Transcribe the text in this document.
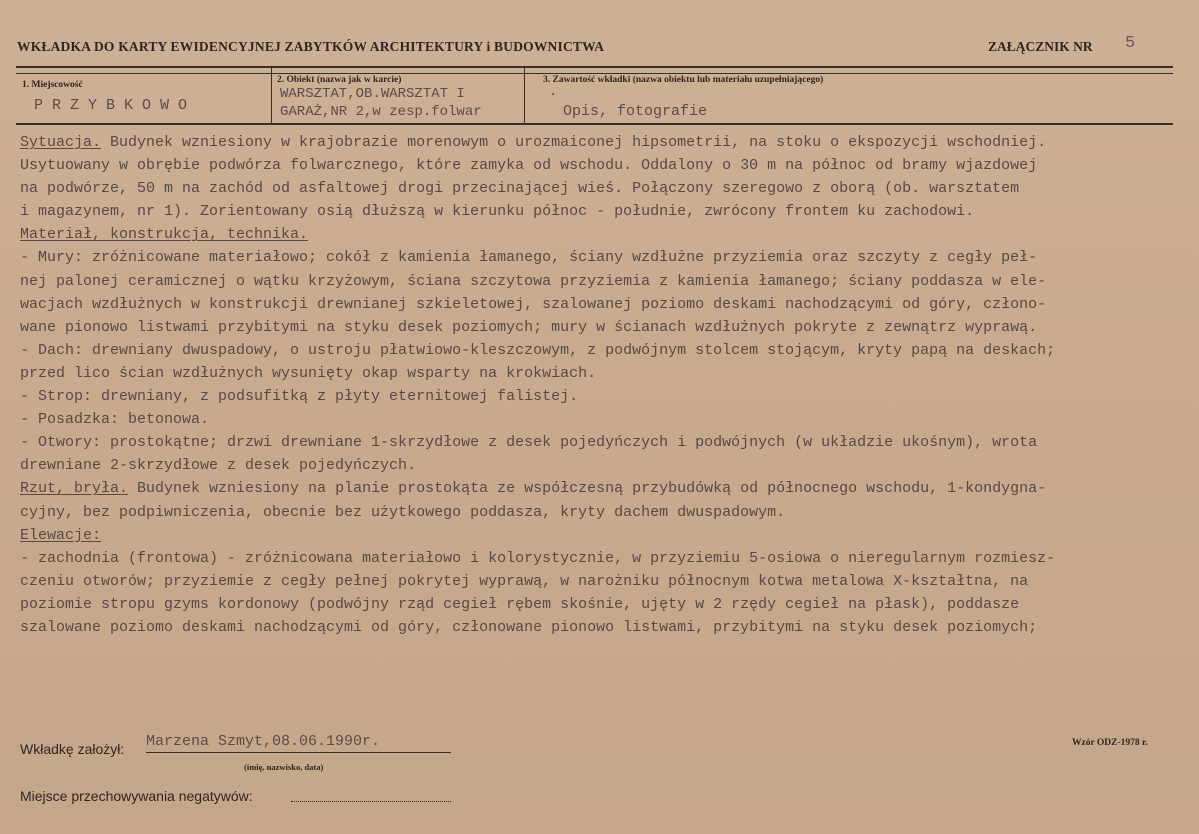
WKŁADKA DO KARTY EWIDENCYJNEJ ZABYTKÓW ARCHITEKTURY i BUDOWNICTWA	ZAŁĄCZNIK NR 5
1. Miejscowość
P R Z Y B K O W O
2. Obiekt (nazwa jak w karcie)
WARSZTAT,OB.WARSZTAT I
GARAŻ,NR 2,w zesp.folwar
3. Zawartość wkładki (nazwa obiektu lub materiału uzupełniającego)
.
Opis, fotografie
Sytuacja. Budynek wzniesiony w krajobrazie morenowym o urozmaiconej hipsometrii, na stoku o ekspozycji wschodniej.
Usytuowany w obrębie podwórza folwarcznego, które zamyka od wschodu. Oddalony o 30 m na północ od bramy wjazdowej
na podwórze, 50 m na zachód od asfaltowej drogi przecinającej wieś. Połączony szeregowo z oborą (ob. warsztatem
i magazynem, nr 1). Zorientowany osią dłuższą w kierunku północ - południe, zwrócony frontem ku zachodowi.
Materiał, konstrukcja, technika.
- Mury: zróżnicowane materiałowo; cokół z kamienia łamanego, ściany wzdłużne przyziemia oraz szczyty z cegły peł-
nej palonej ceramicznej o wątku krzyżowym, ściana szczytowa przyziemia z kamienia łamanego; ściany poddasza w ele-
wacjach wzdłużnych w konstrukcji drewnianej szkieletowej, szalowanej poziomo deskami nachodzącymi od góry, człono-
wane pionowo listwami przybitymi na styku desek poziomych; mury w ścianach wzdłużnych pokryte z zewnątrz wyprawą.
- Dach: drewniany dwuspadowy, o ustroju płatwiowo-kleszczowym, z podwójnym stolcem stojącym, kryty papą na deskach;
przed lico ścian wzdłużnych wysunięty okap wsparty na krokwiach.
- Strop: drewniany, z podsufitką z płyty eternitowej falistej.
- Posadzka: betonowa.
- Otwory: prostokątne; drzwi drewniane 1-skrzydłowe z desek pojedyńczych i podwójnych (w układzie ukośnym), wrota
drewniane 2-skrzydłowe z desek pojedyńczych.
Rzut, bryła. Budynek wzniesiony na planie prostokąta ze współczesną przybudówką od północnego wschodu, 1-kondygna-
cyjny, bez podpiwniczenia, obecnie bez użytkowego poddasza, kryty dachem dwuspadowym.
Elewacje:
- zachodnia (frontowa) - zróżnicowana materiałowo i kolorystycznie, w przyziemiu 5-osiowa o nieregularnym rozmiesz-
czeniu otworów; przyziemie z cegły pełnej pokrytej wyprawą, w narożniku północnym kotwa metalowa X-kształtna, na
poziomie stropu gzyms kordonowy (podwójny rząd cegieł rębem skośnie, ujęty w 2 rzędy cegieł na płask), poddasze
szalowane poziomo deskami nachodzącymi od góry, członowane pionowo listwami, przybitymi na styku desek poziomych;
Wkładkę założył: Marzena Szmyt,08.06.1990r.
(imię, nazwisko, data)
Wzór ODZ-1978 r.
Miejsce przechowywania negatywów:
